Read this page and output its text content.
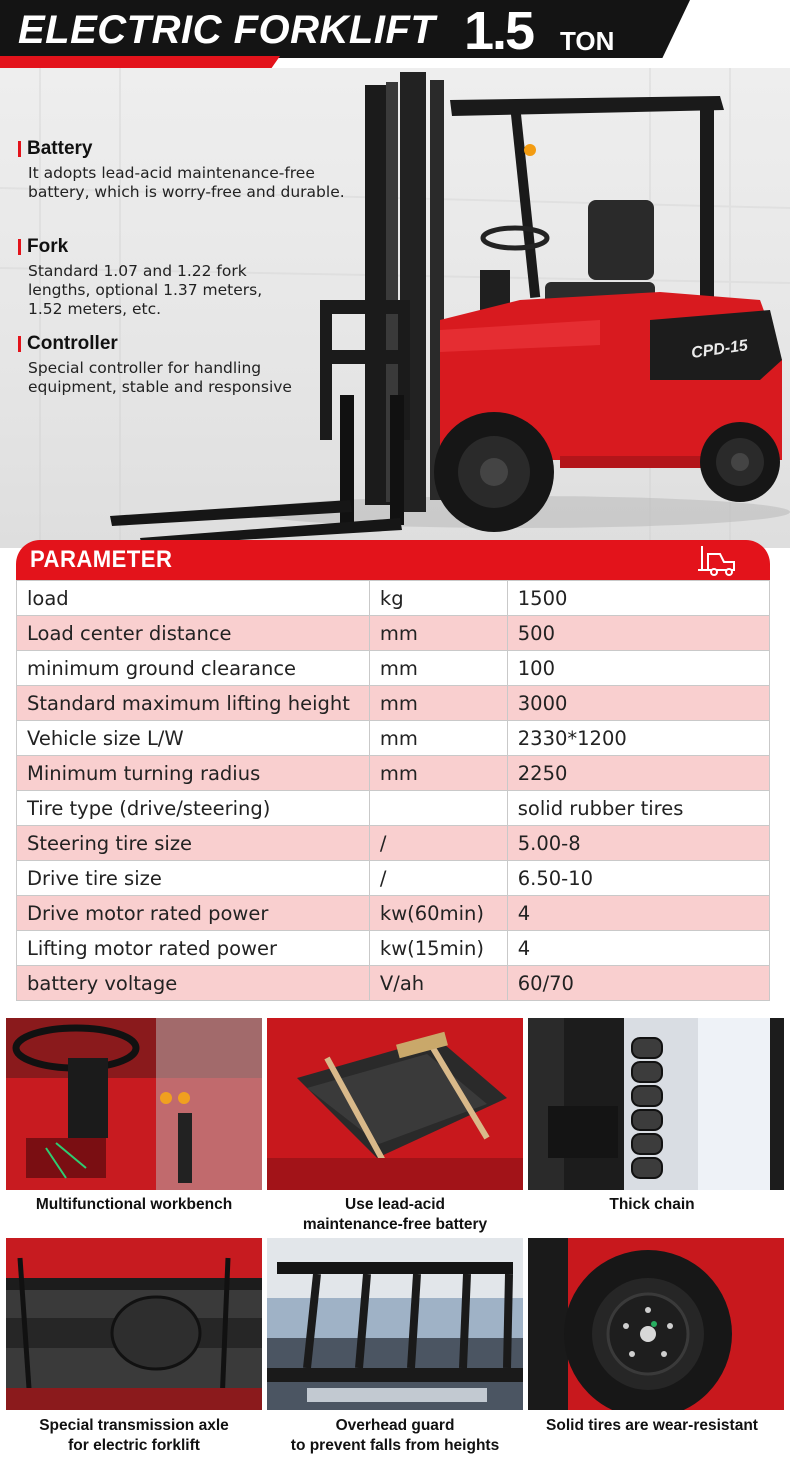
ELECTRIC FORKLIFT 1.5 TON
CPD-15
Battery
It adopts lead-acid maintenance-free battery, which is worry-free and durable.
Fork
Standard 1.07 and 1.22 fork lengths, optional 1.37 meters, 1.52 meters, etc.
Controller
Special controller for handling equipment, stable and responsive
PARAMETER
load	kg	1500
Load center distance	mm	500
minimum ground clearance	mm	100
Standard maximum lifting height	mm	3000
Vehicle size L/W	mm	2330*1200
Minimum turning radius	mm	2250
Tire type (drive/steering)		solid rubber tires
Steering tire size	/	5.00-8
Drive tire size	/	6.50-10
Drive motor rated power	kw(60min)	4
Lifting motor rated power	kw(15min)	4
battery voltage	V/ah	60/70
Multifunctional workbench	Use lead-acid
maintenance-free battery
Thick chain
Special transmission axle
for electric forklift
Overhead guard
to prevent falls from heights
Solid tires are wear-resistant
